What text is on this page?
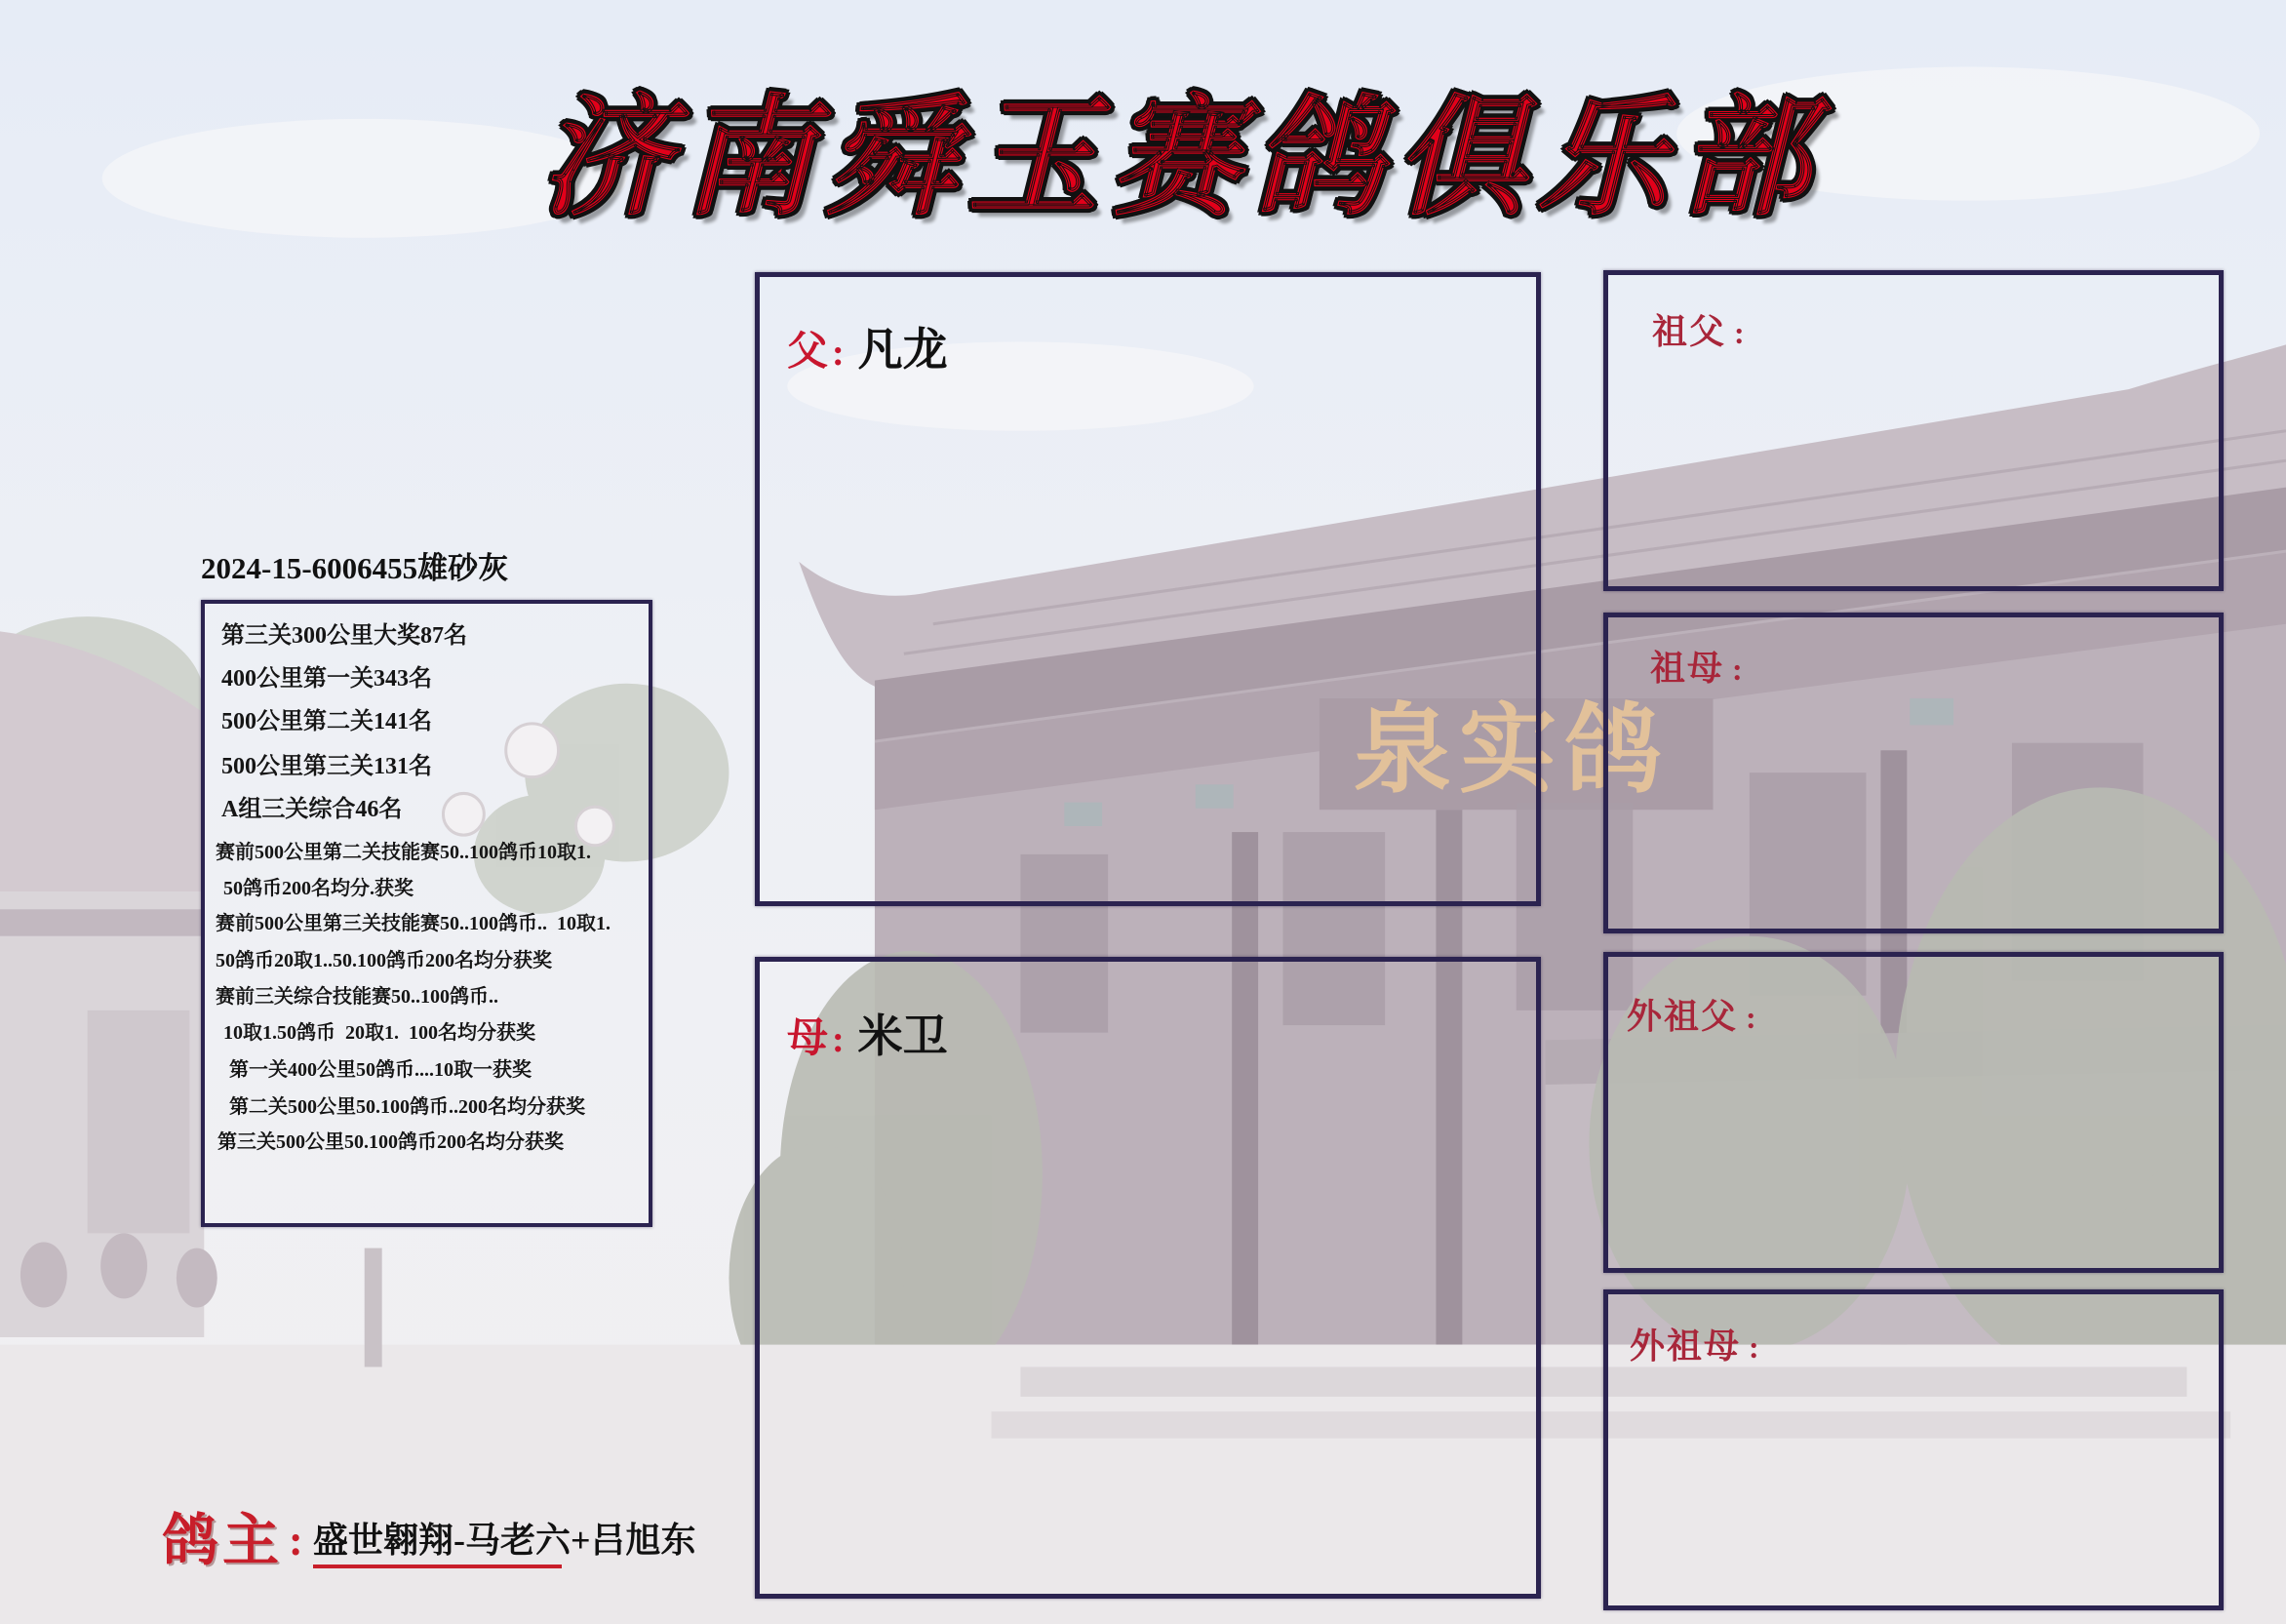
泉实鸽
济南舜玉赛鸽俱乐部
2024-15-6006455雄砂灰
第三关300公里大奖87名
400公里第一关343名
500公里第二关141名
500公里第三关131名
A组三关综合46名
赛前500公里第二关技能赛50..100鸽币10取1.
50鸽币200名均分.获奖
赛前500公里第三关技能赛50..100鸽币..  10取1.
50鸽币20取1..50.100鸽币200名均分获奖
赛前三关综合技能赛50..100鸽币..
10取1.50鸽币  20取1.  100名均分获奖
第一关400公里50鸽币....10取一获奖
第二关500公里50.100鸽币..200名均分获奖
第三关500公里50.100鸽币200名均分获奖
父 : 凡龙
母 : 米卫
祖父 :
祖母 :
外祖父 :
外祖母 :
鸽主 : 盛世翱翔-马老六+吕旭东
